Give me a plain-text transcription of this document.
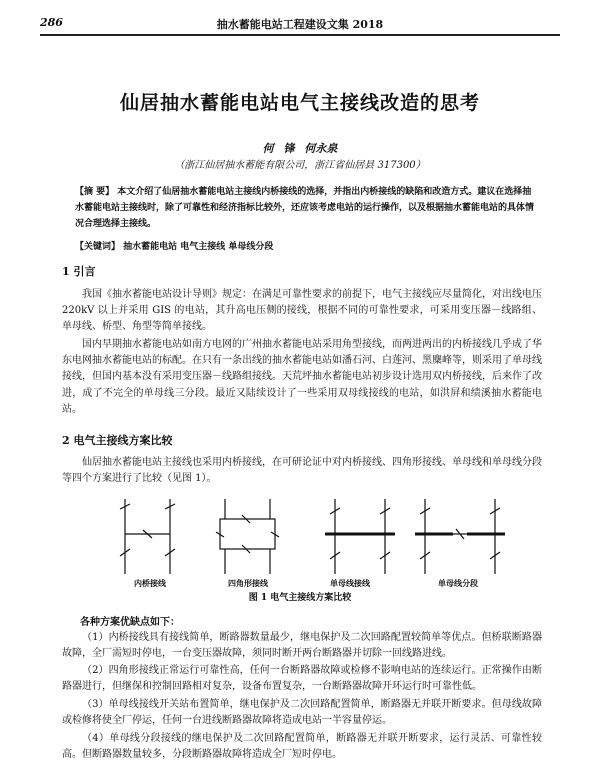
286	抽水蓄能电站工程建设文集 2018
仙居抽水蓄能电站电气主接线改造的思考
何 锋 何永泉
（浙江仙居抽水蓄能有限公司，浙江省仙居县 317300）
【摘 要】 本文介绍了仙居抽水蓄能电站主接线内桥接线的选择，并指出内桥接线的缺陷和改造方式。建议在选择抽水蓄能电站主接线时，除了可靠性和经济指标比较外，还应该考虑电站的运行操作，以及根据抽水蓄能电站的具体情况合理选择主接线。
【关键词】 抽水蓄能电站 电气主接线 单母线分段
1 引言
我国《抽水蓄能电站设计导则》规定：在满足可靠性要求的前提下，电气主接线应尽量简化，对出线电压 220kV 以上并采用 GIS 的电站，其升高电压侧的接线，根据不同的可靠性要求，可采用变压器－线路组、单母线、桥型、角型等简单接线。
国内早期抽水蓄能电站如南方电网的广州抽水蓄能电站采用角型接线，而两进两出的内桥接线几乎成了华东电网抽水蓄能电站的标配。在只有一条出线的抽水蓄能电站如潘石河、白莲河、黑麋峰等，则采用了单母线接线，但国内基本没有采用变压器－线路组接线。天荒坪抽水蓄能电站初步设计选用双内桥接线，后来作了改进，成了不完全的单母线三分段。最近又陆续设计了一些采用双母线接线的电站，如洪屏和绩溪抽水蓄能电站。
2 电气主接线方案比较
仙居抽水蓄能电站主接线也采用内桥接线，在可研论证中对内桥接线、四角形接线、单母线和单母线分段等四个方案进行了比较（见图 1）。
内桥接线	四角形接线	单母线接线	单母线分段
图 1 电气主接线方案比较
各种方案优缺点如下：
（1）内桥接线具有接线简单，断路器数量最少，继电保护及二次回路配置较简单等优点。但桥联断路器故障，全厂需短时停电，一台变压器故障，须同时断开两台断路器并切除一回线路进线。
（2）四角形接线正常运行可靠性高，任何一台断路器故障或检修不影响电站的连续运行。正常操作由断路器进行，但继保和控制回路相对复杂，设备布置复杂，一台断路器故障开环运行时可靠性低。
（3）单母线接线开关站布置简单，继电保护及二次回路配置简单，断路器无并联开断要求。但母线故障或检修将使全厂停运，任何一台进线断路器故障将造成电站一半容量停运。
（4）单母线分段接线的继电保护及二次回路配置简单，断路器无并联开断要求，运行灵活、可靠性较高。但断路器数量较多，分段断路器故障将造成全厂短时停电。
